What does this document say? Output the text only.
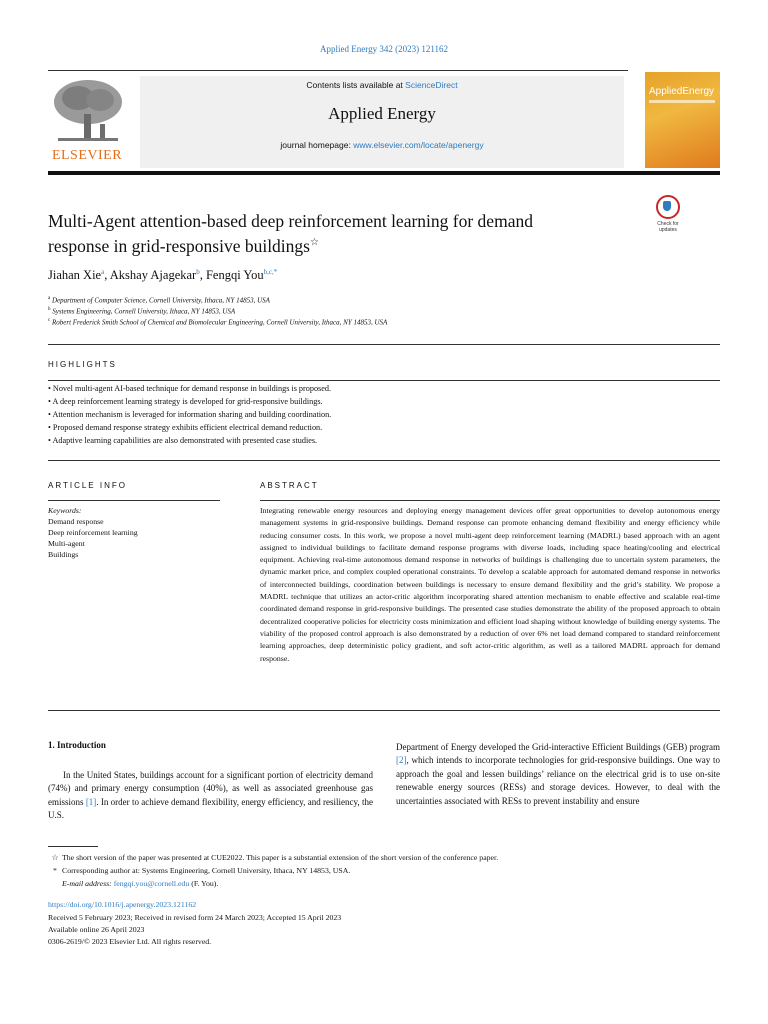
Applied Energy 342 (2023) 121162
ELSEVIER
Contents lists available at ScienceDirect
Applied Energy
journal homepage: www.elsevier.com/locate/apenergy
AppliedEnergy
Check for
updates
Multi-Agent attention-based deep reinforcement learning for demand
response in grid-responsive buildings☆
Jiahan Xie$^a$, Akshay Ajagekar$^b$, Fengqi You$^{b,c,*}$
$^a$ Department of Computer Science, Cornell University, Ithaca, NY 14853, USA
$^b$ Systems Engineering, Cornell University, Ithaca, NY 14853, USA
$^c$ Robert Frederick Smith School of Chemical and Biomolecular Engineering, Cornell University, Ithaca, NY 14853, USA
HIGHLIGHTS
• Novel multi-agent AI-based technique for demand response in buildings is proposed.
• A deep reinforcement learning strategy is developed for grid-responsive buildings.
• Attention mechanism is leveraged for information sharing and building coordination.
• Proposed demand response strategy exhibits efficient electrical demand reduction.
• Adaptive learning capabilities are also demonstrated with presented case studies.
ARTICLE INFO	ABSTRACT
Keywords:
Demand response
Deep reinforcement learning
Multi-agent
Buildings
Integrating renewable energy resources and deploying energy management devices offer great opportunities to develop autonomous energy management systems in grid-responsive buildings. Demand response can promote enhancing demand flexibility and energy efficiency while reducing consumer costs. In this work, we propose a novel multi-agent deep reinforcement learning (MADRL) based approach with an agent assigned to individual buildings to facilitate demand response programs with diverse loads, including space heating/cooling and electrical equipment. Achieving real-time autonomous demand response in networks of buildings is challenging due to uncertain system parameters, the dynamic market price, and complex coupled operational constraints. To develop a scalable approach for automated demand response in networks of interconnected buildings, coordination between buildings is necessary to ensure demand flexibility and the grid’s stability. We propose a MADRL technique that utilizes an actor-critic algorithm incorporating shared attention mechanism to enable effective and scalable real-time coordinated demand response in grid-responsive buildings. The presented case studies demonstrate the ability of the proposed approach to obtain decentralized cooperative policies for electricity costs minimization and efficient load shaping without knowledge of building energy systems. The viability of the proposed control approach is also demonstrated by a reduction of over 6% net load demand compared to standard reinforcement learning approaches, deep deterministic policy gradient, and soft actor-critic algorithm, as well as a tailored MADRL approach for demand response.
1. Introduction
In the United States, buildings account for a significant portion of electricity demand (74%) and primary energy consumption (40%), as well as associated greenhouse gas emissions [1]. In order to achieve demand flexibility, energy efficiency, and resiliency, the U.S.
Department of Energy developed the Grid-interactive Efficient Buildings (GEB) program [2], which intends to incorporate technologies for grid-responsive buildings. One way to approach the goal and lessen buildings’ reliance on the electrical grid is to use on-site renewable energy sources (RESs) and storage devices. However, to deal with the uncertainties associated with RESs to prevent instability and ensure
☆ The short version of the paper was presented at CUE2022. This paper is a substantial extension of the short version of the conference paper.
* Corresponding author at: Systems Engineering, Cornell University, Ithaca, NY 14853, USA.
E-mail address: fengqi.you@cornell.edu (F. You).
https://doi.org/10.1016/j.apenergy.2023.121162
Received 5 February 2023; Received in revised form 24 March 2023; Accepted 15 April 2023
Available online 26 April 2023
0306-2619/© 2023 Elsevier Ltd. All rights reserved.
